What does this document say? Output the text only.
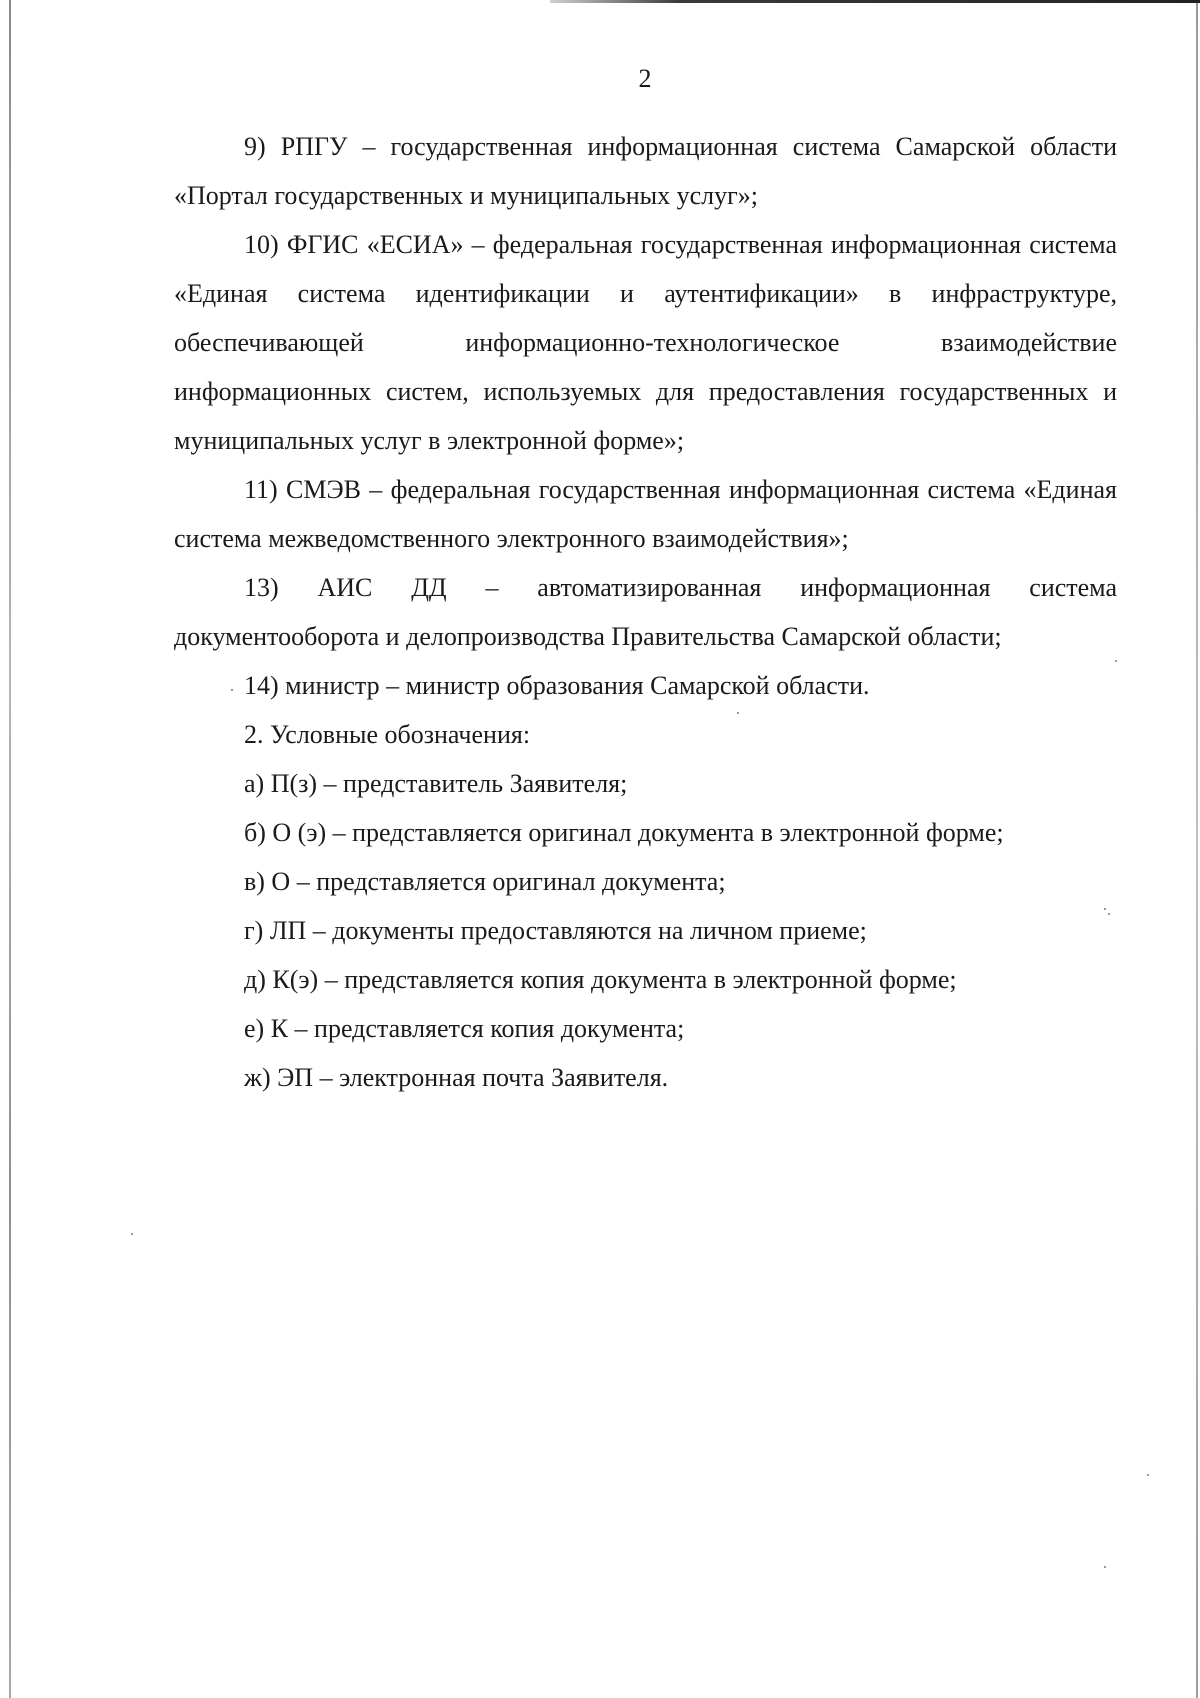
2

9) РПГУ – государственная информационная система Самарской области «Портал государственных и муниципальных услуг»;

10) ФГИС «ЕСИА» – федеральная государственная информационная система «Единая система идентификации и аутентификации» в инфраструктуре, обеспечивающей информационно-технологическое взаимодействие информационных систем, используемых для предоставления государственных и муниципальных услуг в электронной форме»;

11) СМЭВ – федеральная государственная информационная система «Единая система межведомственного электронного взаимодействия»;

13) АИС ДД – автоматизированная информационная система документооборота и делопроизводства Правительства Самарской области;

14) министр – министр образования Самарской области.

2. Условные обозначения:

а) П(з) – представитель Заявителя;

б) О (э) – представляется оригинал документа в электронной форме;

в) О – представляется оригинал документа;

г) ЛП – документы предоставляются на личном приеме;

д) К(э) – представляется копия документа в электронной форме;

е) К – представляется копия документа;

ж) ЭП – электронная почта Заявителя.
